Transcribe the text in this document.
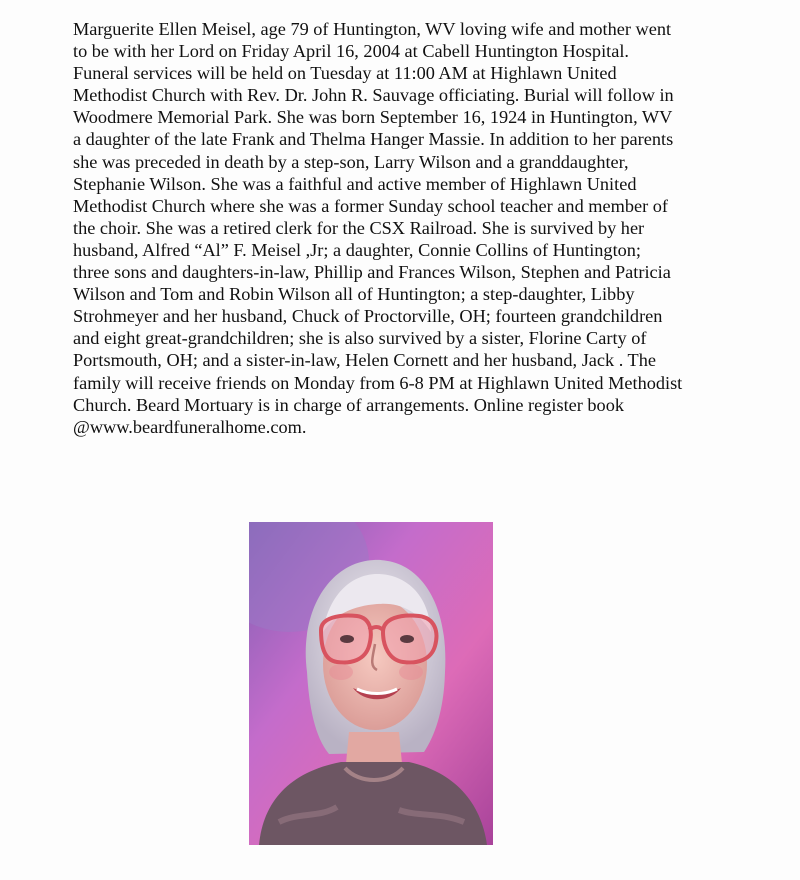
Marguerite Ellen Meisel, age 79 of Huntington, WV loving wife and mother went
to be with her Lord on Friday April 16, 2004 at Cabell Huntington Hospital.
Funeral services will be held on Tuesday at 11:00 AM at Highlawn United
Methodist Church with Rev. Dr. John R. Sauvage officiating. Burial will follow in
Woodmere Memorial Park. She was born September 16, 1924 in Huntington, WV
a daughter of the late Frank and Thelma Hanger Massie. In addition to her parents
she was preceded in death by a step-son, Larry Wilson and a granddaughter,
Stephanie Wilson. She was a faithful and active member of Highlawn United
Methodist Church where she was a former Sunday school teacher and member of
the choir. She was a retired clerk for the CSX Railroad. She is survived by her
husband, Alfred “Al” F. Meisel ,Jr; a daughter, Connie Collins of Huntington;
three sons and daughters-in-law, Phillip and Frances Wilson, Stephen and Patricia
Wilson and Tom and Robin Wilson all of Huntington; a step-daughter, Libby
Strohmeyer and her husband, Chuck of Proctorville, OH; fourteen grandchildren
and eight great-grandchildren; she is also survived by a sister, Florine Carty of
Portsmouth, OH; and a sister-in-law, Helen Cornett and her husband, Jack . The
family will receive friends on Monday from 6-8 PM at Highlawn United Methodist
Church. Beard Mortuary is in charge of arrangements. Online register book
@www.beardfuneralhome.com.
